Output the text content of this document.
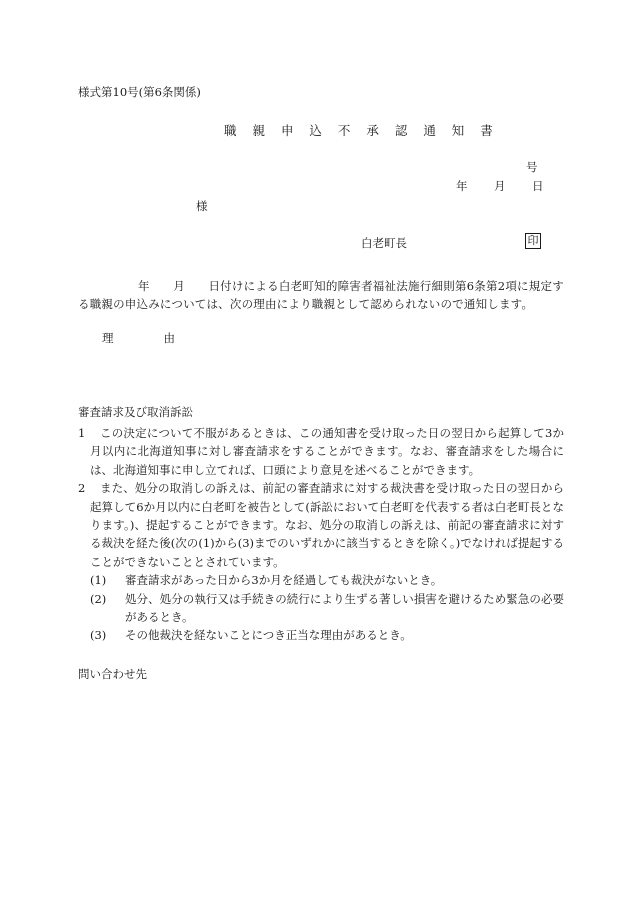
様式第10号(第6条関係)
職 親 申 込 不 承 認 通 知 書
号
年 月 日
様
白老町長	印
年　　月　　日付けによる白老町知的障害者福祉法施行細則第6条第2項に規定する職親の申込みについては、次の理由により職親として認められないので通知します。
理由
審査請求及び取消訴訟
1	この決定について不服があるときは、この通知書を受け取った日の翌日から起算して3か月以内に北海道知事に対し審査請求をすることができます。なお、審査請求をした場合には、北海道知事に申し立てれば、口頭により意見を述べることができます。
2	また、処分の取消しの訴えは、前記の審査請求に対する裁決書を受け取った日の翌日から起算して6か月以内に白老町を被告として(訴訟において白老町を代表する者は白老町長となります。)、提起することができます。なお、処分の取消しの訴えは、前記の審査請求に対する裁決を経た後(次の(1)から(3)までのいずれかに該当するときを除く。)でなければ提起することができないこととされています。
(1) 審査請求があった日から3か月を経過しても裁決がないとき。
(2) 処分、処分の執行又は手続きの続行により生ずる著しい損害を避けるため緊急の必要があるとき。
(3) その他裁決を経ないことにつき正当な理由があるとき。
問い合わせ先
